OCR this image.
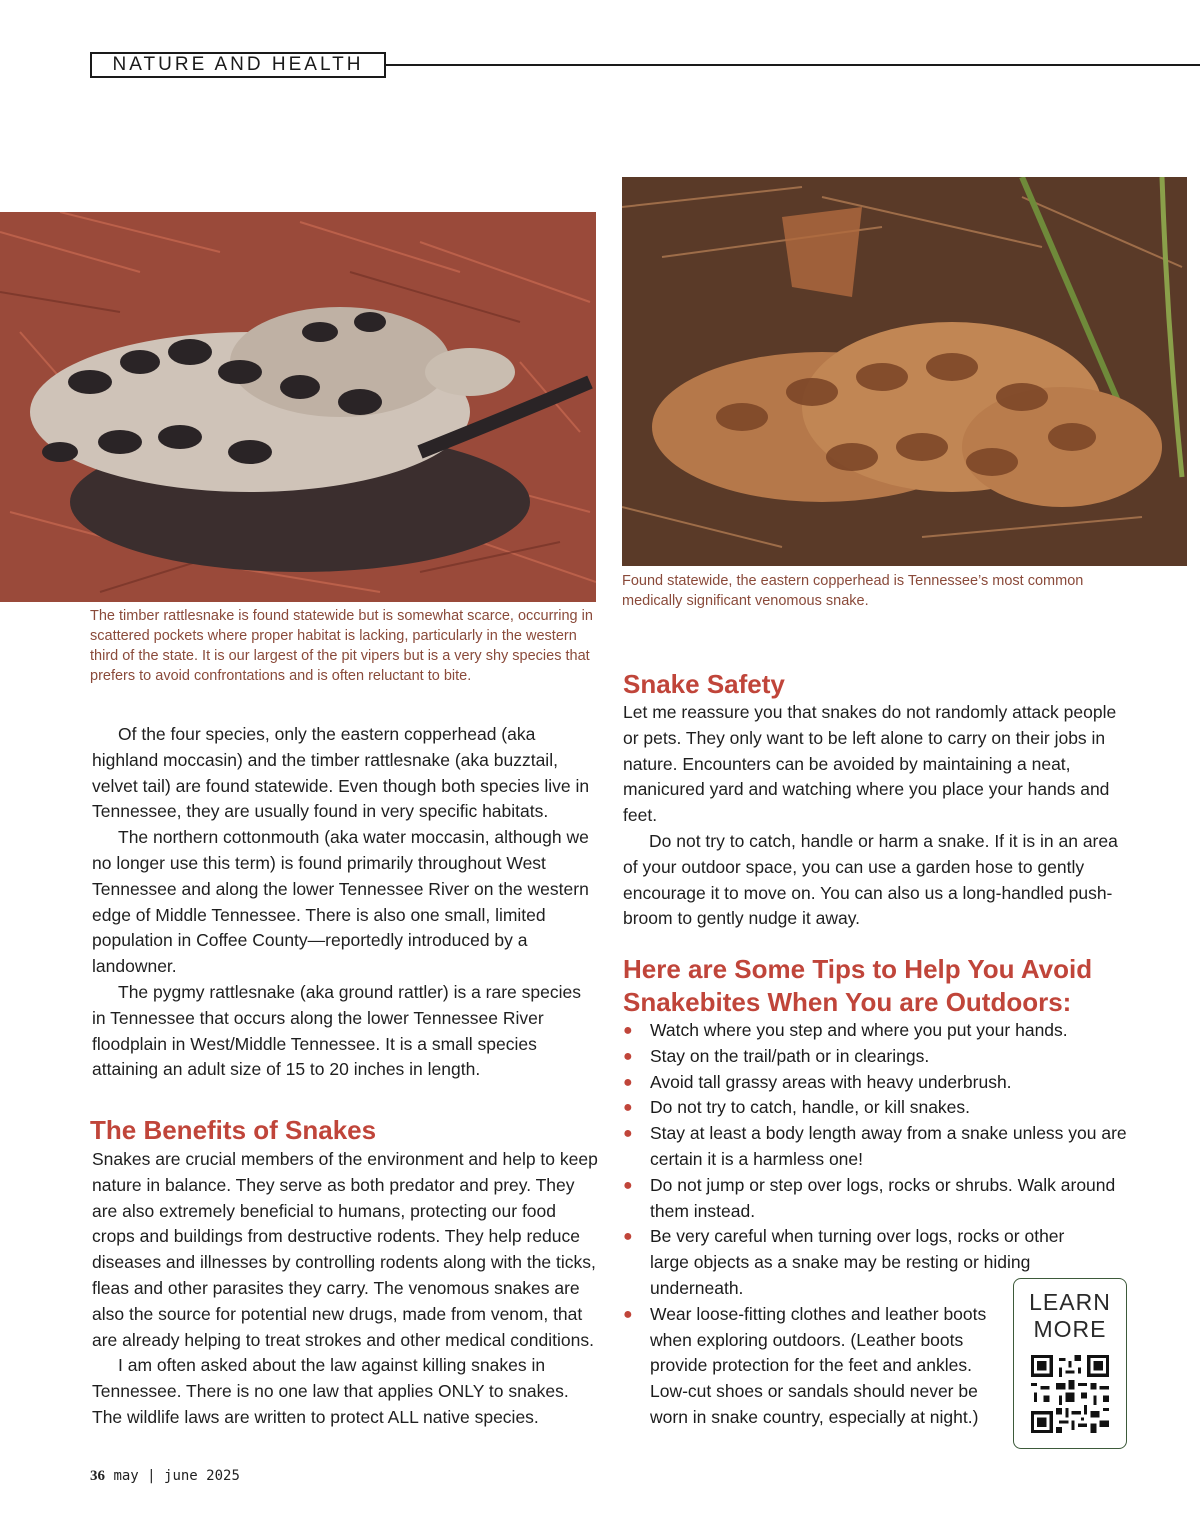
NATURE AND HEALTH
The timber rattlesnake is found statewide but is somewhat scarce, occurring in scattered pockets where proper habitat is lacking, particularly in the western third of the state. It is our largest of the pit vipers but is a very shy species that prefers to avoid confrontations and is often reluctant to bite.
Found statewide, the eastern copperhead is Tennessee’s most common medically significant venomous snake.

Of the four species, only the eastern copperhead (aka highland moccasin) and the timber rattlesnake (aka buzztail, velvet tail) are found statewide. Even though both species live in Tennessee, they are usually found in very specific habitats.

The northern cottonmouth (aka water moccasin, although we no longer use this term) is found primarily throughout West Tennessee and along the lower Tennessee River on the western edge of Middle Tennessee. There is also one small, limited population in Coffee County—reportedly introduced by a landowner.

The pygmy rattlesnake (aka ground rattler) is a rare species in Tennessee that occurs along the lower Tennessee River floodplain in West/Middle Tennessee. It is a small species attaining an adult size of 15 to 20 inches in length.

The Benefits of Snakes

Snakes are crucial members of the environment and help to keep nature in balance. They serve as both predator and prey. They are also extremely beneficial to humans, protecting our food crops and buildings from destructive rodents. They help reduce diseases and illnesses by controlling rodents along with the ticks, fleas and other parasites they carry. The venomous snakes are also the source for potential new drugs, made from venom, that are already helping to treat strokes and other medical conditions.

I am often asked about the law against killing snakes in Tennessee. There is no one law that applies ONLY to snakes. The wildlife laws are written to protect ALL native species.

Snake Safety

Let me reassure you that snakes do not randomly attack people or pets. They only want to be left alone to carry on their jobs in nature. Encounters can be avoided by maintaining a neat, manicured yard and watching where you place your hands and feet.

Do not try to catch, handle or harm a snake. If it is in an area of your outdoor space, you can use a garden hose to gently encourage it to move on. You can also us a long-handled push-broom to gently nudge it away.

Here are Some Tips to Help You Avoid Snakebites When You are Outdoors:
● Watch where you step and where you put your hands.
● Stay on the trail/path or in clearings.
● Avoid tall grassy areas with heavy underbrush.
● Do not try to catch, handle, or kill snakes.
● Stay at least a body length away from a snake unless you are certain it is a harmless one!
● Do not jump or step over logs, rocks or shrubs. Walk around them instead.
● Be very careful when turning over logs, rocks or other large objects as a snake may be resting or hiding underneath.
● Wear loose-fitting clothes and leather boots when exploring outdoors. (Leather boots provide protection for the feet and ankles. Low-cut shoes or sandals should never be worn in snake country, especially at night.)
LEARN
MORE
36 may | june 2025
